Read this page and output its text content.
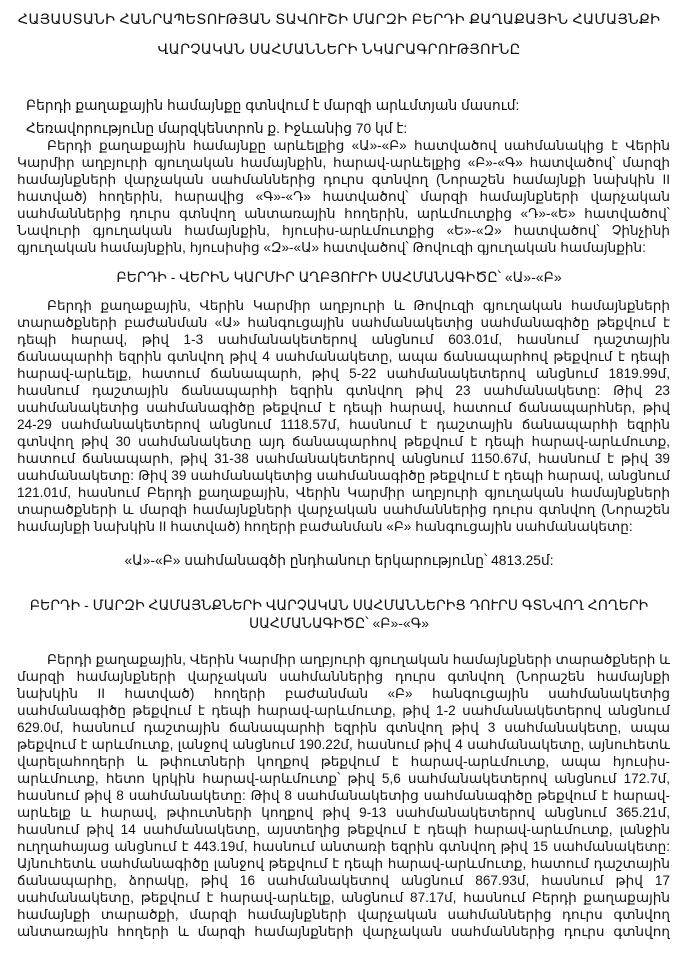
ՀԱՅԱՍՏԱՆԻ ՀԱՆՐԱՊԵՏՈՒԹՅԱՆ ՏԱՎՈՒՇԻ ՄԱՐԶԻ ԲԵՐԴԻ ՔԱՂԱՔԱՅԻՆ ՀԱՄԱՅՆՔԻ
ՎԱՐՉԱԿԱՆ ՍԱՀՄԱՆՆԵՐԻ ՆԿԱՐԱԳՐՈՒԹՅՈՒՆԸ
Բերդի քաղաքային համայնքը գտնվում է մարզի արևմտյան մասում:
Հեռավորությունը մարզկենտրոն ք. Իջևանից 70 կմ է:
Բերդի քաղաքային համայնքը արևելքից «Ա»-«Բ» հատվածով սահմանակից է Վերին
Կարմիր աղբյուրի գյուղական համայնքին, հարավ-արևելքից «Բ»-«Գ» հատվածով՝ մարզի
համայնքների վարչական սահմաններից դուրս գտնվող (Նորաշեն համայնքի նախկին II
հատված) հողերին, հարավից «Գ»-«Դ» հատվածով՝ մարզի համայնքների վարչական
սահմաններից դուրս գտնվող անտառային հողերին, արևմուտքից «Դ»-«Ե» հատվածով՝
Նավուրի գյուղական համայնքին, հյուսիս-արևմուտքից «Ե»-«Զ» հատվածով՝ Չինչինի
գյուղական համայնքին, հյուսիսից «Զ»-«Ա» հատվածով՝ Թովուզի գյուղական համայնքին:
ԲԵՐԴԻ - ՎԵՐԻՆ ԿԱՐՄԻՐ ԱՂԲՅՈՒՐԻ ՍԱՀՄԱՆԱԳԻԾԸ՝ «Ա»-«Բ»
Բերդի քաղաքային, Վերին Կարմիր աղբյուրի և Թովուզի գյուղական համայնքների
տարածքների բաժանման «Ա» հանգուցային սահմանակետից սահմանագիծը թեքվում է
դեպի հարավ, թիվ 1-3 սահմանակետերով անցնում 603.01մ, հասնում դաշտային
ճանապարհի եզրին գտնվող թիվ 4 սահմանակետը, ապա ճանապարհով թեքվում է դեպի
հարավ-արևելք, հատում ճանապարհ, թիվ 5-22 սահմանակետերով անցնում 1819.99մ,
հասնում դաշտային ճանապարհի եզրին գտնվող թիվ 23 սահմանակետը: Թիվ 23
սահմանակետից սահմանագիծը թեքվում է դեպի հարավ, հատում ճանապարհներ, թիվ
24-29 սահմանակետերով անցնում 1118.57մ, հասնում է դաշտային ճանապարհի եզրին
գտնվող թիվ 30 սահմանակետը այդ ճանապարհով թեքվում է դեպի հարավ-արևմուտք,
հատում ճանապարհ, թիվ 31-38 սահմանակետերով անցնում 1150.67մ, հասնում է թիվ 39
սահմանակետը: Թիվ 39 սահմանակետից սահմանագիծը թեքվում է դեպի հարավ, անցնում
121.01մ, հասնում Բերդի քաղաքային, Վերին Կարմիր աղբյուրի գյուղական համայնքների
տարածքների և մարզի համայնքների վարչական սահմաններից դուրս գտնվող (Նորաշեն
համայնքի նախկին II հատված) հողերի բաժանման «Բ» հանգուցային սահմանակետը:
«Ա»-«Բ» սահմանագծի ընդհանուր երկարությունը՝ 4813.25մ:
ԲԵՐԴԻ - ՄԱՐԶԻ ՀԱՄԱՅՆՔՆԵՐԻ ՎԱՐՉԱԿԱՆ ՍԱՀՄԱՆՆԵՐԻՑ ԴՈՒՐՍ ԳՏՆՎՈՂ ՀՈՂԵՐԻ
ՍԱՀՄԱՆԱԳԻԾԸ՝ «Բ»-«Գ»
Բերդի քաղաքային, Վերին Կարմիր աղբյուրի գյուղական համայնքների տարածքների և
մարզի համայնքների վարչական սահմաններից դուրս գտնվող (Նորաշեն համայնքի
նախկին II հատված) հողերի բաժանման «Բ» հանգուցային սահմանակետից
սահմանագիծը թեքվում է դեպի հարավ-արևմուտք, թիվ 1-2 սահմանակետերով անցնում
629.0մ, հասնում դաշտային ճանապարհի եզրին գտնվող թիվ 3 սահմանակետը, ապա
թեքվում է արևմուտք, լանջով անցնում 190.22մ, հասնում թիվ 4 սահմանակետը, այնուհետև
վարելահողերի և թփուտների կողքով թեքվում է հարավ-արևմուտք, ապա հյուսիս-
արևմուտք, հետո կրկին հարավ-արևմուտք՝ թիվ 5,6 սահմանակետերով անցնում 172.7մ,
հասնում թիվ 8 սահմանակետը: Թիվ 8 սահմանակետից սահմանագիծը թեքվում է հարավ-
արևելք և հարավ, թփուտների կողքով թիվ 9-13 սահմանակետերով անցնում 365.21մ,
հասնում թիվ 14 սահմանակետը, այստեղից թեքվում է դեպի հարավ-արևմուտք, լանջին
ուղղահայաց անցնում է 443.19մ, հասնում անտառի եզրին գտնվող թիվ 15 սահմանակետը:
Այնուհետև սահմանագիծը լանջով թեքվում է դեպի հարավ-արևմուտք, հատում դաշտային
ճանապարհը, ձորակը, թիվ 16 սահմանակետով անցնում 867.93մ, հասնում թիվ 17
սահմանակետը, թեքվում է հարավ-արևելք, անցնում 87.17մ, հասնում Բերդի քաղաքային
համայնքի տարածքի, մարզի համայնքների վարչական սահմաններից դուրս գտնվող
անտառային հողերի և մարզի համայնքների վարչական սահմաններից դուրս գտնվող
